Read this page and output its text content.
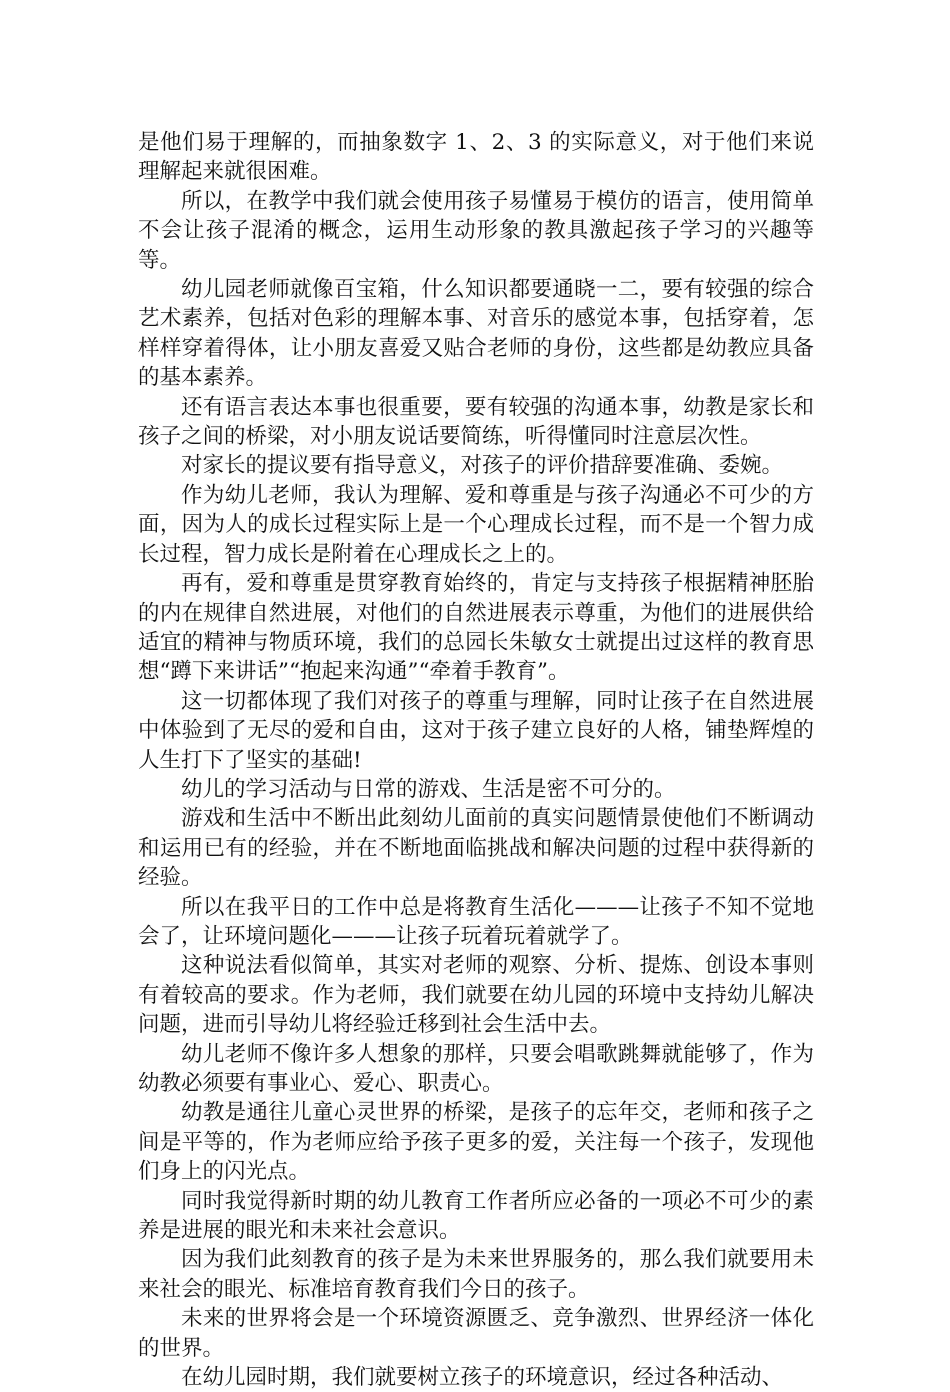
是他们易于理解的，而抽象数字 1、2、3 的实际意义，对于他们来说理解起来就很困难。

所以，在教学中我们就会使用孩子易懂易于模仿的语言，使用简单不会让孩子混淆的概念，运用生动形象的教具激起孩子学习的兴趣等等。

幼儿园老师就像百宝箱，什么知识都要通晓一二，要有较强的综合艺术素养，包括对色彩的理解本事、对音乐的感觉本事，包括穿着，怎样样穿着得体，让小朋友喜爱又贴合老师的身份，这些都是幼教应具备的基本素养。

还有语言表达本事也很重要，要有较强的沟通本事，幼教是家长和孩子之间的桥梁，对小朋友说话要简练，听得懂同时注意层次性。

对家长的提议要有指导意义，对孩子的评价措辞要准确、委婉。

作为幼儿老师，我认为理解、爱和尊重是与孩子沟通必不可少的方面，因为人的成长过程实际上是一个心理成长过程，而不是一个智力成长过程，智力成长是附着在心理成长之上的。

再有，爱和尊重是贯穿教育始终的，肯定与支持孩子根据精神胚胎的内在规律自然进展，对他们的自然进展表示尊重，为他们的进展供给适宜的精神与物质环境，我们的总园长朱敏女士就提出过这样的教育思想“蹲下来讲话”“抱起来沟通”“牵着手教育”。

这一切都体现了我们对孩子的尊重与理解，同时让孩子在自然进展中体验到了无尽的爱和自由，这对于孩子建立良好的人格，铺垫辉煌的人生打下了坚实的基础!

幼儿的学习活动与日常的游戏、生活是密不可分的。

游戏和生活中不断出此刻幼儿面前的真实问题情景使他们不断调动和运用已有的经验，并在不断地面临挑战和解决问题的过程中获得新的经验。

所以在我平日的工作中总是将教育生活化———让孩子不知不觉地会了，让环境问题化———让孩子玩着玩着就学了。

这种说法看似简单，其实对老师的观察、分析、提炼、创设本事则有着较高的要求。作为老师，我们就要在幼儿园的环境中支持幼儿解决问题，进而引导幼儿将经验迁移到社会生活中去。

幼儿老师不像许多人想象的那样，只要会唱歌跳舞就能够了，作为幼教必须要有事业心、爱心、职责心。

幼教是通往儿童心灵世界的桥梁，是孩子的忘年交，老师和孩子之间是平等的，作为老师应给予孩子更多的爱，关注每一个孩子，发现他们身上的闪光点。

同时我觉得新时期的幼儿教育工作者所应必备的一项必不可少的素养是进展的眼光和未来社会意识。

因为我们此刻教育的孩子是为未来世界服务的，那么我们就要用未来社会的眼光、标准培育教育我们今日的孩子。

未来的世界将会是一个环境资源匮乏、竞争激烈、世界经济一体化的世界。

在幼儿园时期，我们就要树立孩子的环境意识，经过各种活动、
